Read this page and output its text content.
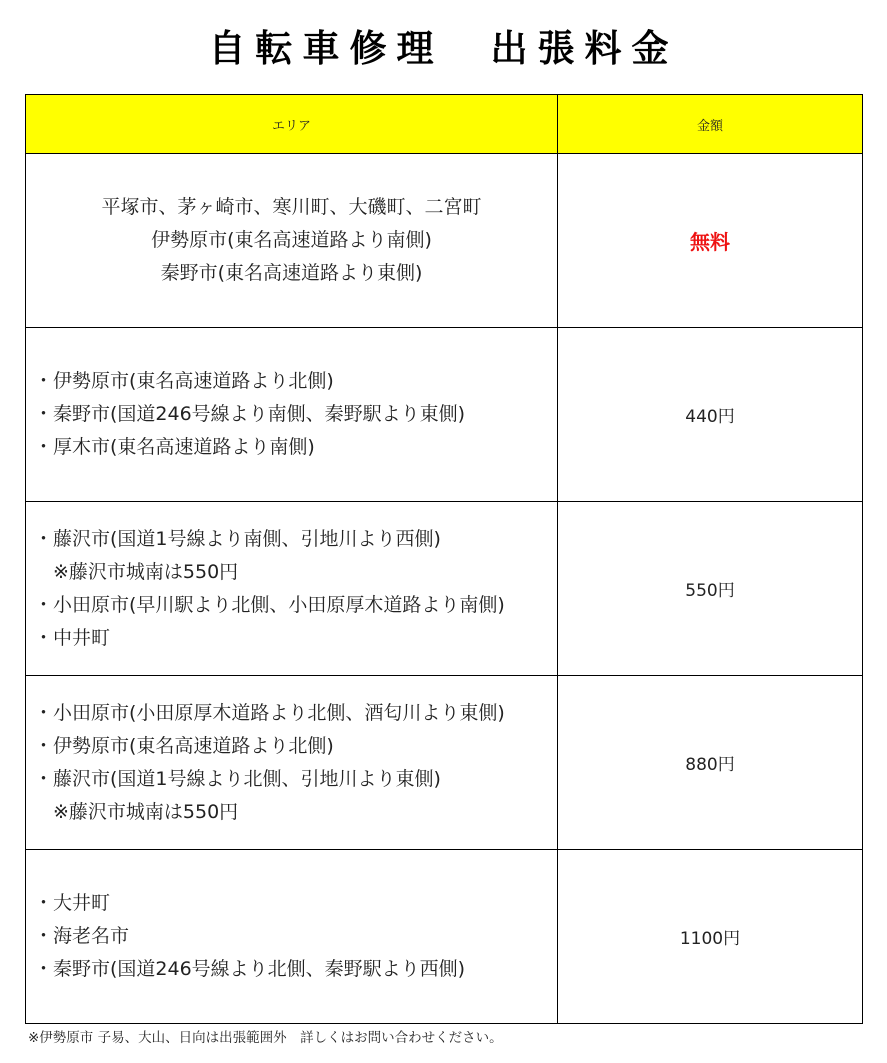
自転車修理　出張料金
エリア	金額

平塚市、茅ヶ崎市、寒川町、大磯町、二宮町
伊勢原市(東名高速道路より南側)
秦野市(東名高速道路より東側)	無料

・伊勢原市(東名高速道路より北側)
・秦野市(国道246号線より南側、秦野駅より東側)
・厚木市(東名高速道路より南側)	440円

・藤沢市(国道1号線より南側、引地川より西側)
　※藤沢市城南は550円
・小田原市(早川駅より北側、小田原厚木道路より南側)
・中井町	550円

・小田原市(小田原厚木道路より北側、酒匂川より東側)
・伊勢原市(東名高速道路より北側)
・藤沢市(国道1号線より北側、引地川より東側)
　※藤沢市城南は550円	880円

・大井町
・海老名市
・秦野市(国道246号線より北側、秦野駅より西側)	1100円
※伊勢原市 子易、大山、日向は出張範囲外　詳しくはお問い合わせください。
